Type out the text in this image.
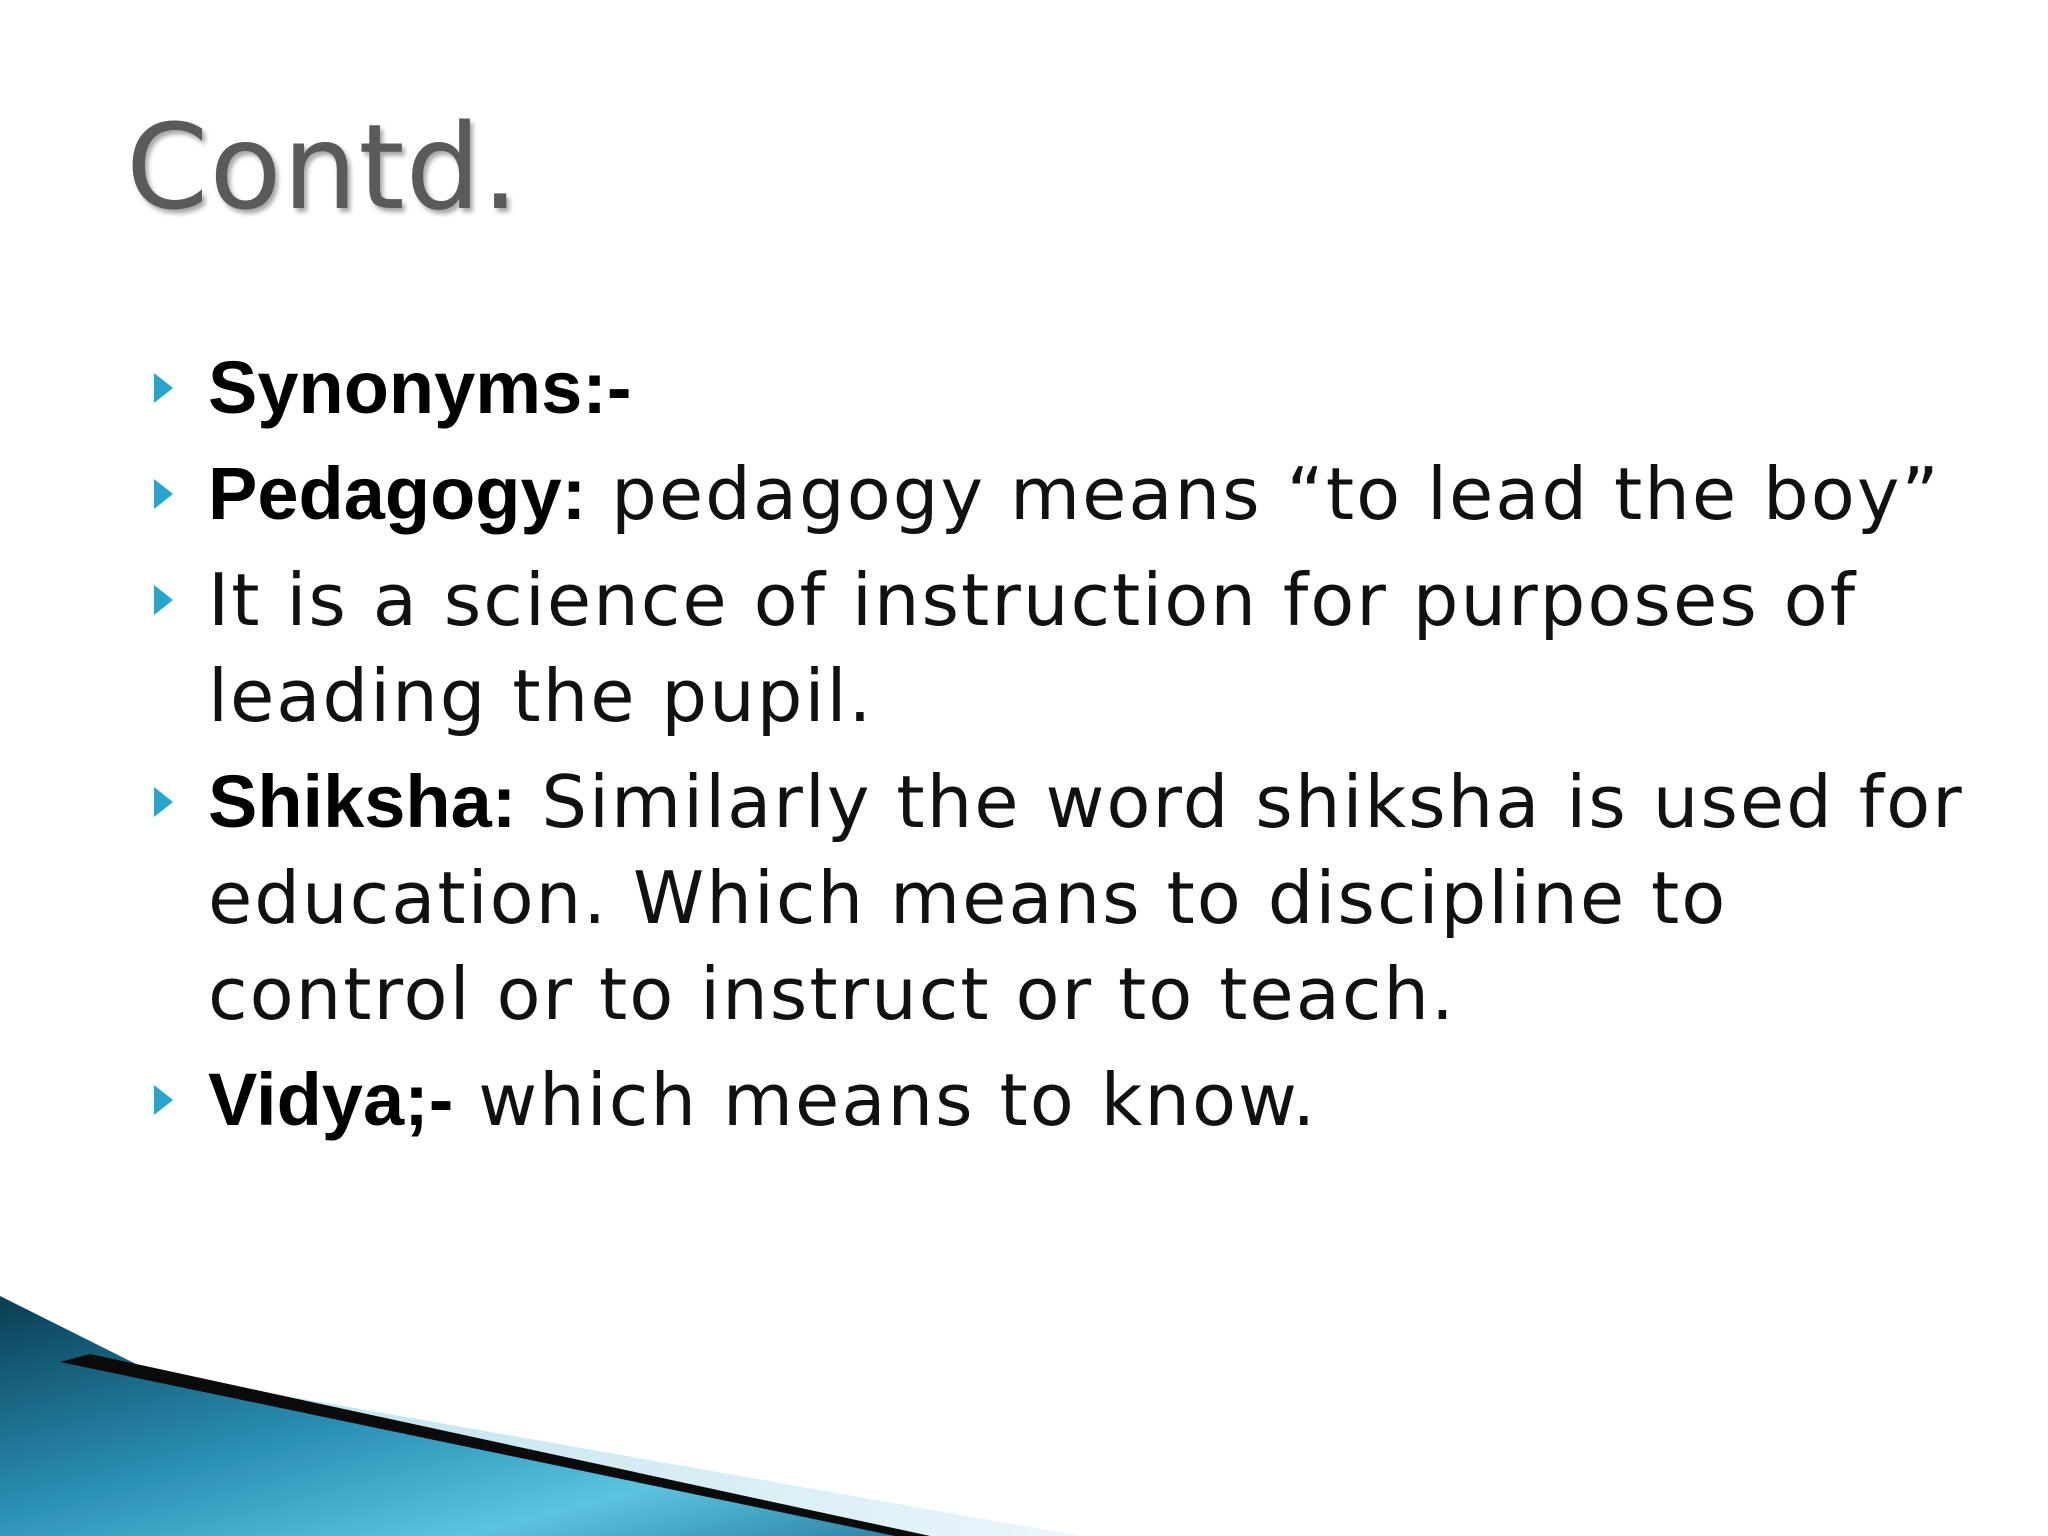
Contd.
Synonyms:-
Pedagogy: pedagogy means “to lead the boy”
It is a science of instruction for purposes of leading the pupil.
Shiksha: Similarly the word shiksha is used for education. Which means to discipline to control or to instruct or to teach.
Vidya;- which means to know.
